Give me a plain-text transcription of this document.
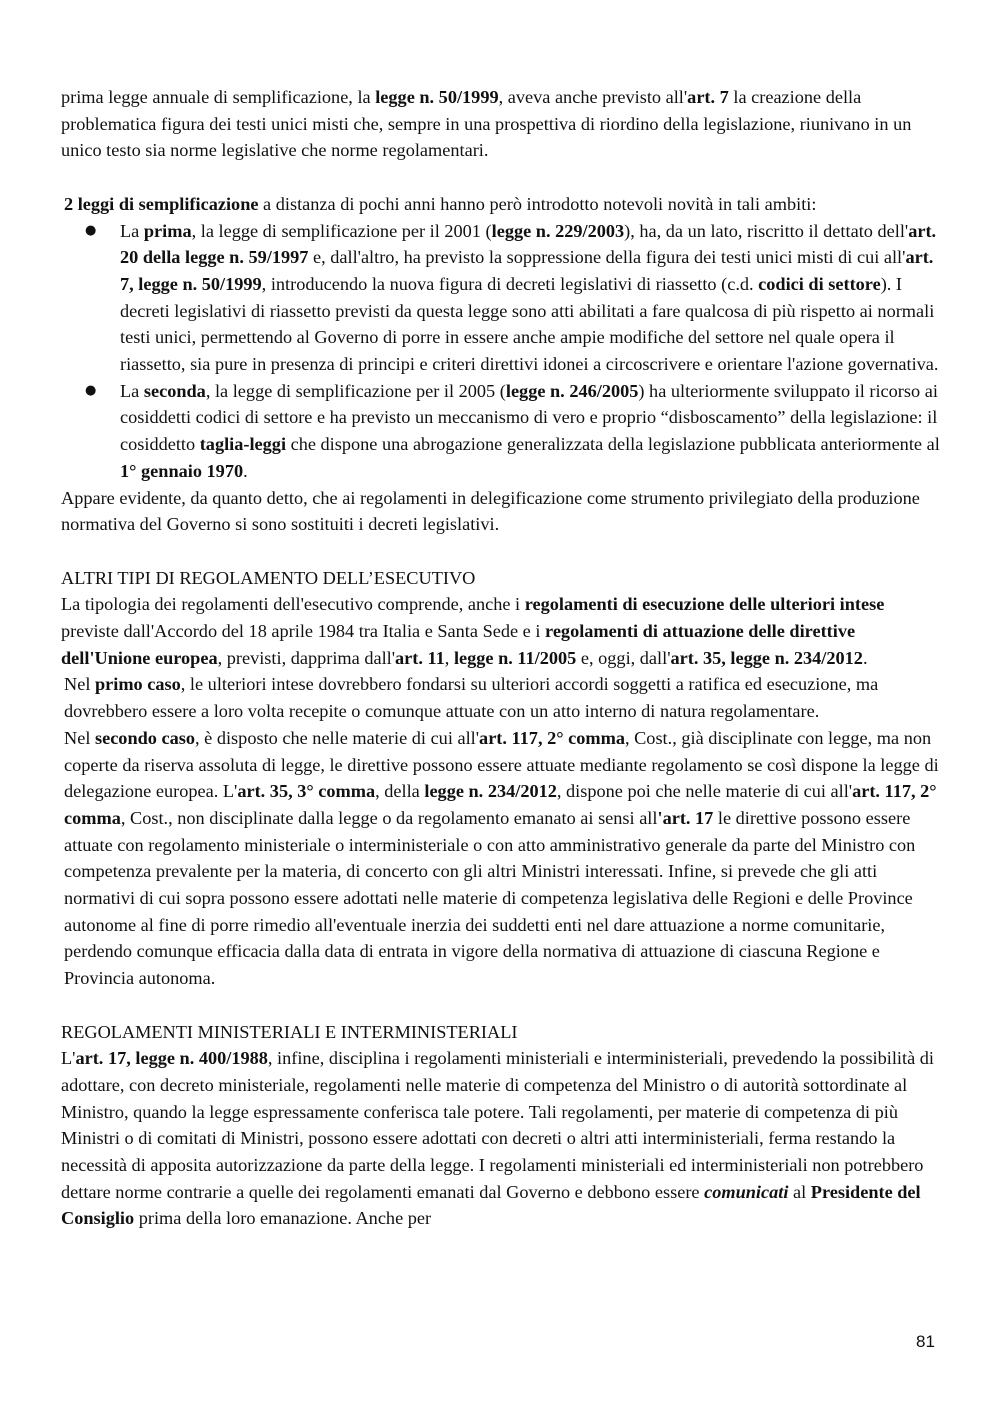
prima legge annuale di semplificazione, la legge n. 50/1999, aveva anche previsto all'art. 7 la creazione della problematica figura dei testi unici misti che, sempre in una prospettiva di riordino della legislazione, riunivano in un unico testo sia norme legislative che norme regolamentari.

2 leggi di semplificazione a distanza di pochi anni hanno però introdotto notevoli novità in tali ambiti:

● La prima, la legge di semplificazione per il 2001 (legge n. 229/2003), ha, da un lato, riscritto il dettato dell'art. 20 della legge n. 59/1997 e, dall'altro, ha previsto la soppressione della figura dei testi unici misti di cui all'art. 7, legge n. 50/1999, introducendo la nuova figura di decreti legislativi di riassetto (c.d. codici di settore). I decreti legislativi di riassetto previsti da questa legge sono atti abilitati a fare qualcosa di più rispetto ai normali testi unici, permettendo al Governo di porre in essere anche ampie modifiche del settore nel quale opera il riassetto, sia pure in presenza di principi e criteri direttivi idonei a circoscrivere e orientare l'azione governativa.
● La seconda, la legge di semplificazione per il 2005 (legge n. 246/2005) ha ulteriormente sviluppato il ricorso ai cosiddetti codici di settore e ha previsto un meccanismo di vero e proprio “disboscamento” della legislazione: il cosiddetto taglia-leggi che dispone una abrogazione generalizzata della legislazione pubblicata anteriormente al 1° gennaio 1970.

Appare evidente, da quanto detto, che ai regolamenti in delegificazione come strumento privilegiato della produzione normativa del Governo si sono sostituiti i decreti legislativi.

ALTRI TIPI DI REGOLAMENTO DELL’ESECUTIVO

La tipologia dei regolamenti dell'esecutivo comprende, anche i regolamenti di esecuzione delle ulteriori intese previste dall'Accordo del 18 aprile 1984 tra Italia e Santa Sede e i regolamenti di attuazione delle direttive dell'Unione europea, previsti, dapprima dall'art. 11, legge n. 11/2005 e, oggi, dall'art. 35, legge n. 234/2012.

Nel primo caso, le ulteriori intese dovrebbero fondarsi su ulteriori accordi soggetti a ratifica ed esecuzione, ma dovrebbero essere a loro volta recepite o comunque attuate con un atto interno di natura regolamentare.

Nel secondo caso, è disposto che nelle materie di cui all'art. 117, 2° comma, Cost., già disciplinate con legge, ma non coperte da riserva assoluta di legge, le direttive possono essere attuate mediante regolamento se così dispone la legge di delegazione europea. L'art. 35, 3° comma, della legge n. 234/2012, dispone poi che nelle materie di cui all'art. 117, 2° comma, Cost., non disciplinate dalla legge o da regolamento emanato ai sensi all'art. 17 le direttive possono essere attuate con regolamento ministeriale o interministeriale o con atto amministrativo generale da parte del Ministro con competenza prevalente per la materia, di concerto con gli altri Ministri interessati. Infine, si prevede che gli atti normativi di cui sopra possono essere adottati nelle materie di competenza legislativa delle Regioni e delle Province autonome al fine di porre rimedio all'eventuale inerzia dei suddetti enti nel dare attuazione a norme comunitarie, perdendo comunque efficacia dalla data di entrata in vigore della normativa di attuazione di ciascuna Regione e Provincia autonoma.

REGOLAMENTI MINISTERIALI E INTERMINISTERIALI

L'art. 17, legge n. 400/1988, infine, disciplina i regolamenti ministeriali e interministeriali, prevedendo la possibilità di adottare, con decreto ministeriale, regolamenti nelle materie di competenza del Ministro o di autorità sottordinate al Ministro, quando la legge espressamente conferisca tale potere. Tali regolamenti, per materie di competenza di più Ministri o di comitati di Ministri, possono essere adottati con decreti o altri atti interministeriali, ferma restando la necessità di apposita autorizzazione da parte della legge. I regolamenti ministeriali ed interministeriali non potrebbero dettare norme contrarie a quelle dei regolamenti emanati dal Governo e debbono essere comunicati al Presidente del Consiglio prima della loro emanazione. Anche per

81
